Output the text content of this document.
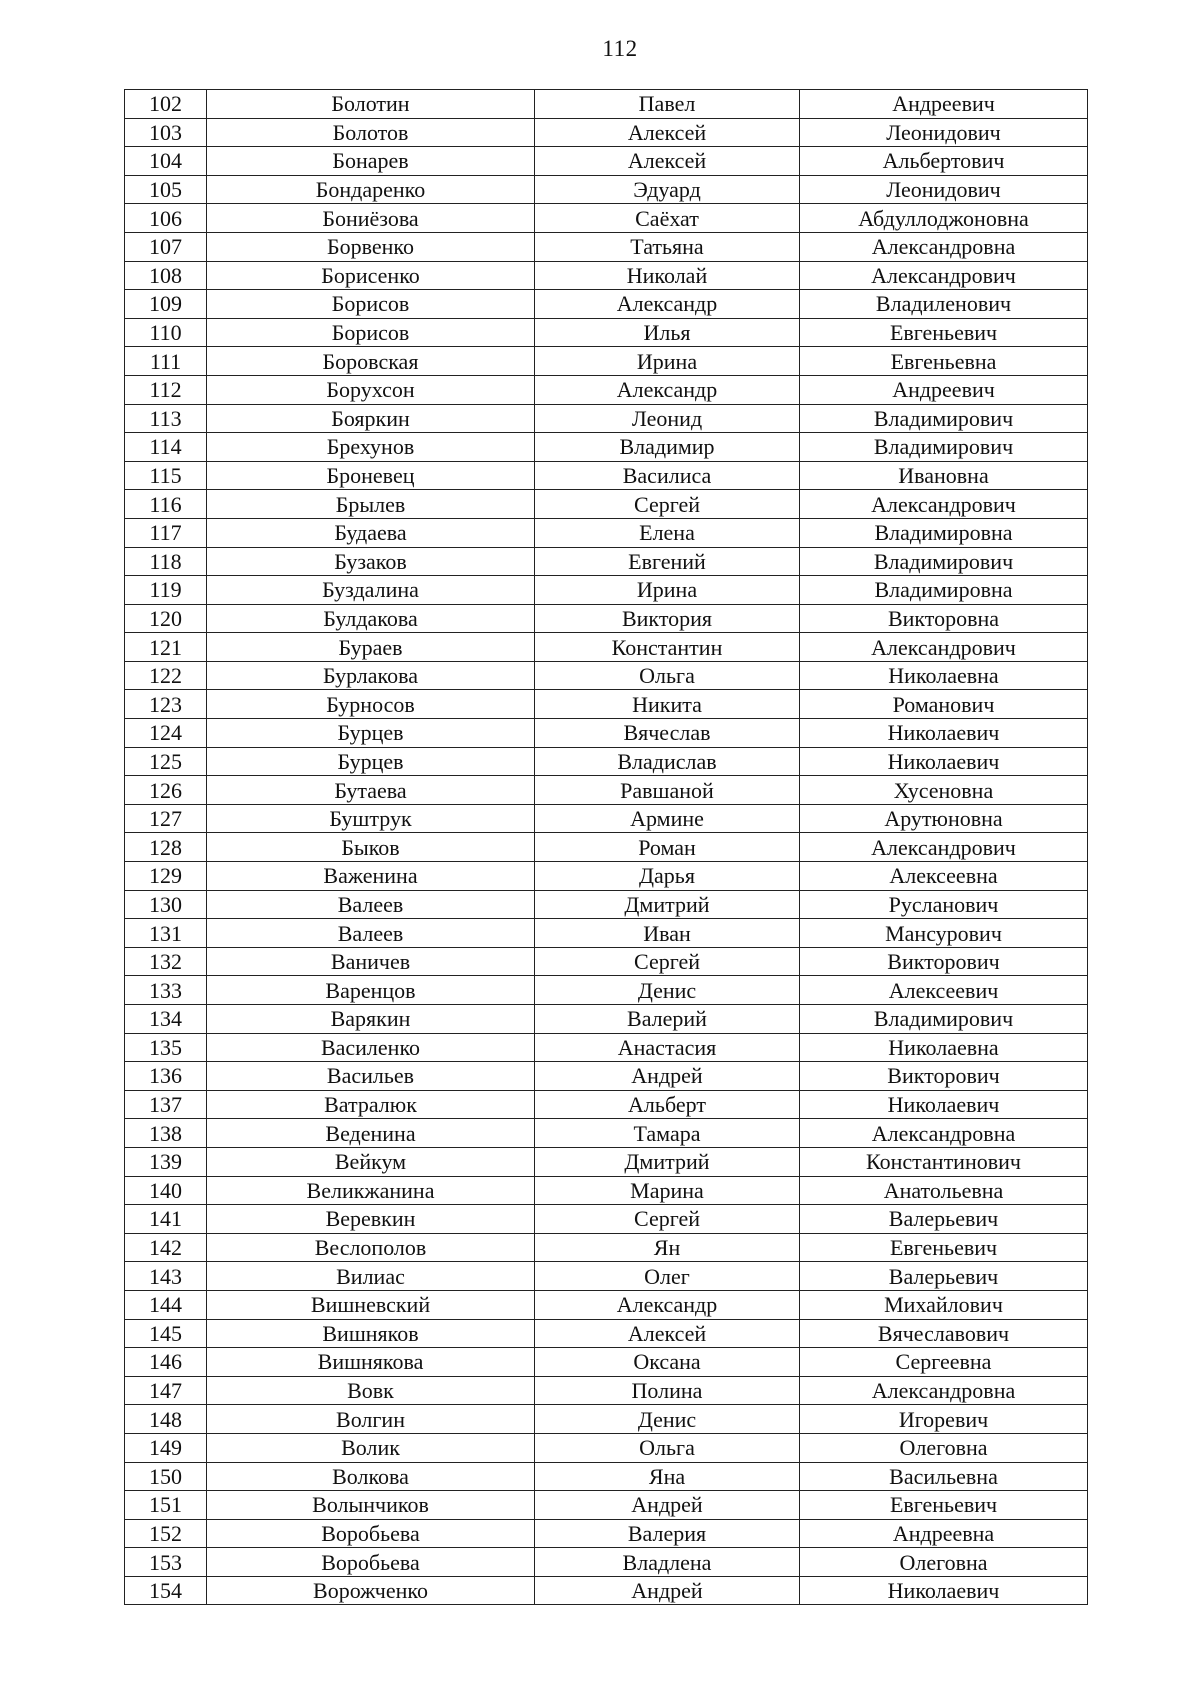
112
102	Болотин	Павел	Андреевич
103	Болотов	Алексей	Леонидович
104	Бонарев	Алексей	Альбертович
105	Бондаренко	Эдуард	Леонидович
106	Бониёзова	Саёхат	Абдуллоджоновна
107	Борвенко	Татьяна	Александровна
108	Борисенко	Николай	Александрович
109	Борисов	Александр	Владиленович
110	Борисов	Илья	Евгеньевич
111	Боровская	Ирина	Евгеньевна
112	Борухсон	Александр	Андреевич
113	Бояркин	Леонид	Владимирович
114	Брехунов	Владимир	Владимирович
115	Броневец	Василиса	Ивановна
116	Брылев	Сергей	Александрович
117	Будаева	Елена	Владимировна
118	Бузаков	Евгений	Владимирович
119	Буздалина	Ирина	Владимировна
120	Булдакова	Виктория	Викторовна
121	Бураев	Константин	Александрович
122	Бурлакова	Ольга	Николаевна
123	Бурносов	Никита	Романович
124	Бурцев	Вячеслав	Николаевич
125	Бурцев	Владислав	Николаевич
126	Бутаева	Равшаной	Хусеновна
127	Буштрук	Армине	Арутюновна
128	Быков	Роман	Александрович
129	Важенина	Дарья	Алексеевна
130	Валеев	Дмитрий	Русланович
131	Валеев	Иван	Мансурович
132	Ваничев	Сергей	Викторович
133	Варенцов	Денис	Алексеевич
134	Варякин	Валерий	Владимирович
135	Василенко	Анастасия	Николаевна
136	Васильев	Андрей	Викторович
137	Ватралюк	Альберт	Николаевич
138	Веденина	Тамара	Александровна
139	Вейкум	Дмитрий	Константинович
140	Великжанина	Марина	Анатольевна
141	Веревкин	Сергей	Валерьевич
142	Веслополов	Ян	Евгеньевич
143	Вилиас	Олег	Валерьевич
144	Вишневский	Александр	Михайлович
145	Вишняков	Алексей	Вячеславович
146	Вишнякова	Оксана	Сергеевна
147	Вовк	Полина	Александровна
148	Волгин	Денис	Игоревич
149	Волик	Ольга	Олеговна
150	Волкова	Яна	Васильевна
151	Волынчиков	Андрей	Евгеньевич
152	Воробьева	Валерия	Андреевна
153	Воробьева	Владлена	Олеговна
154	Ворожченко	Андрей	Николаевич
